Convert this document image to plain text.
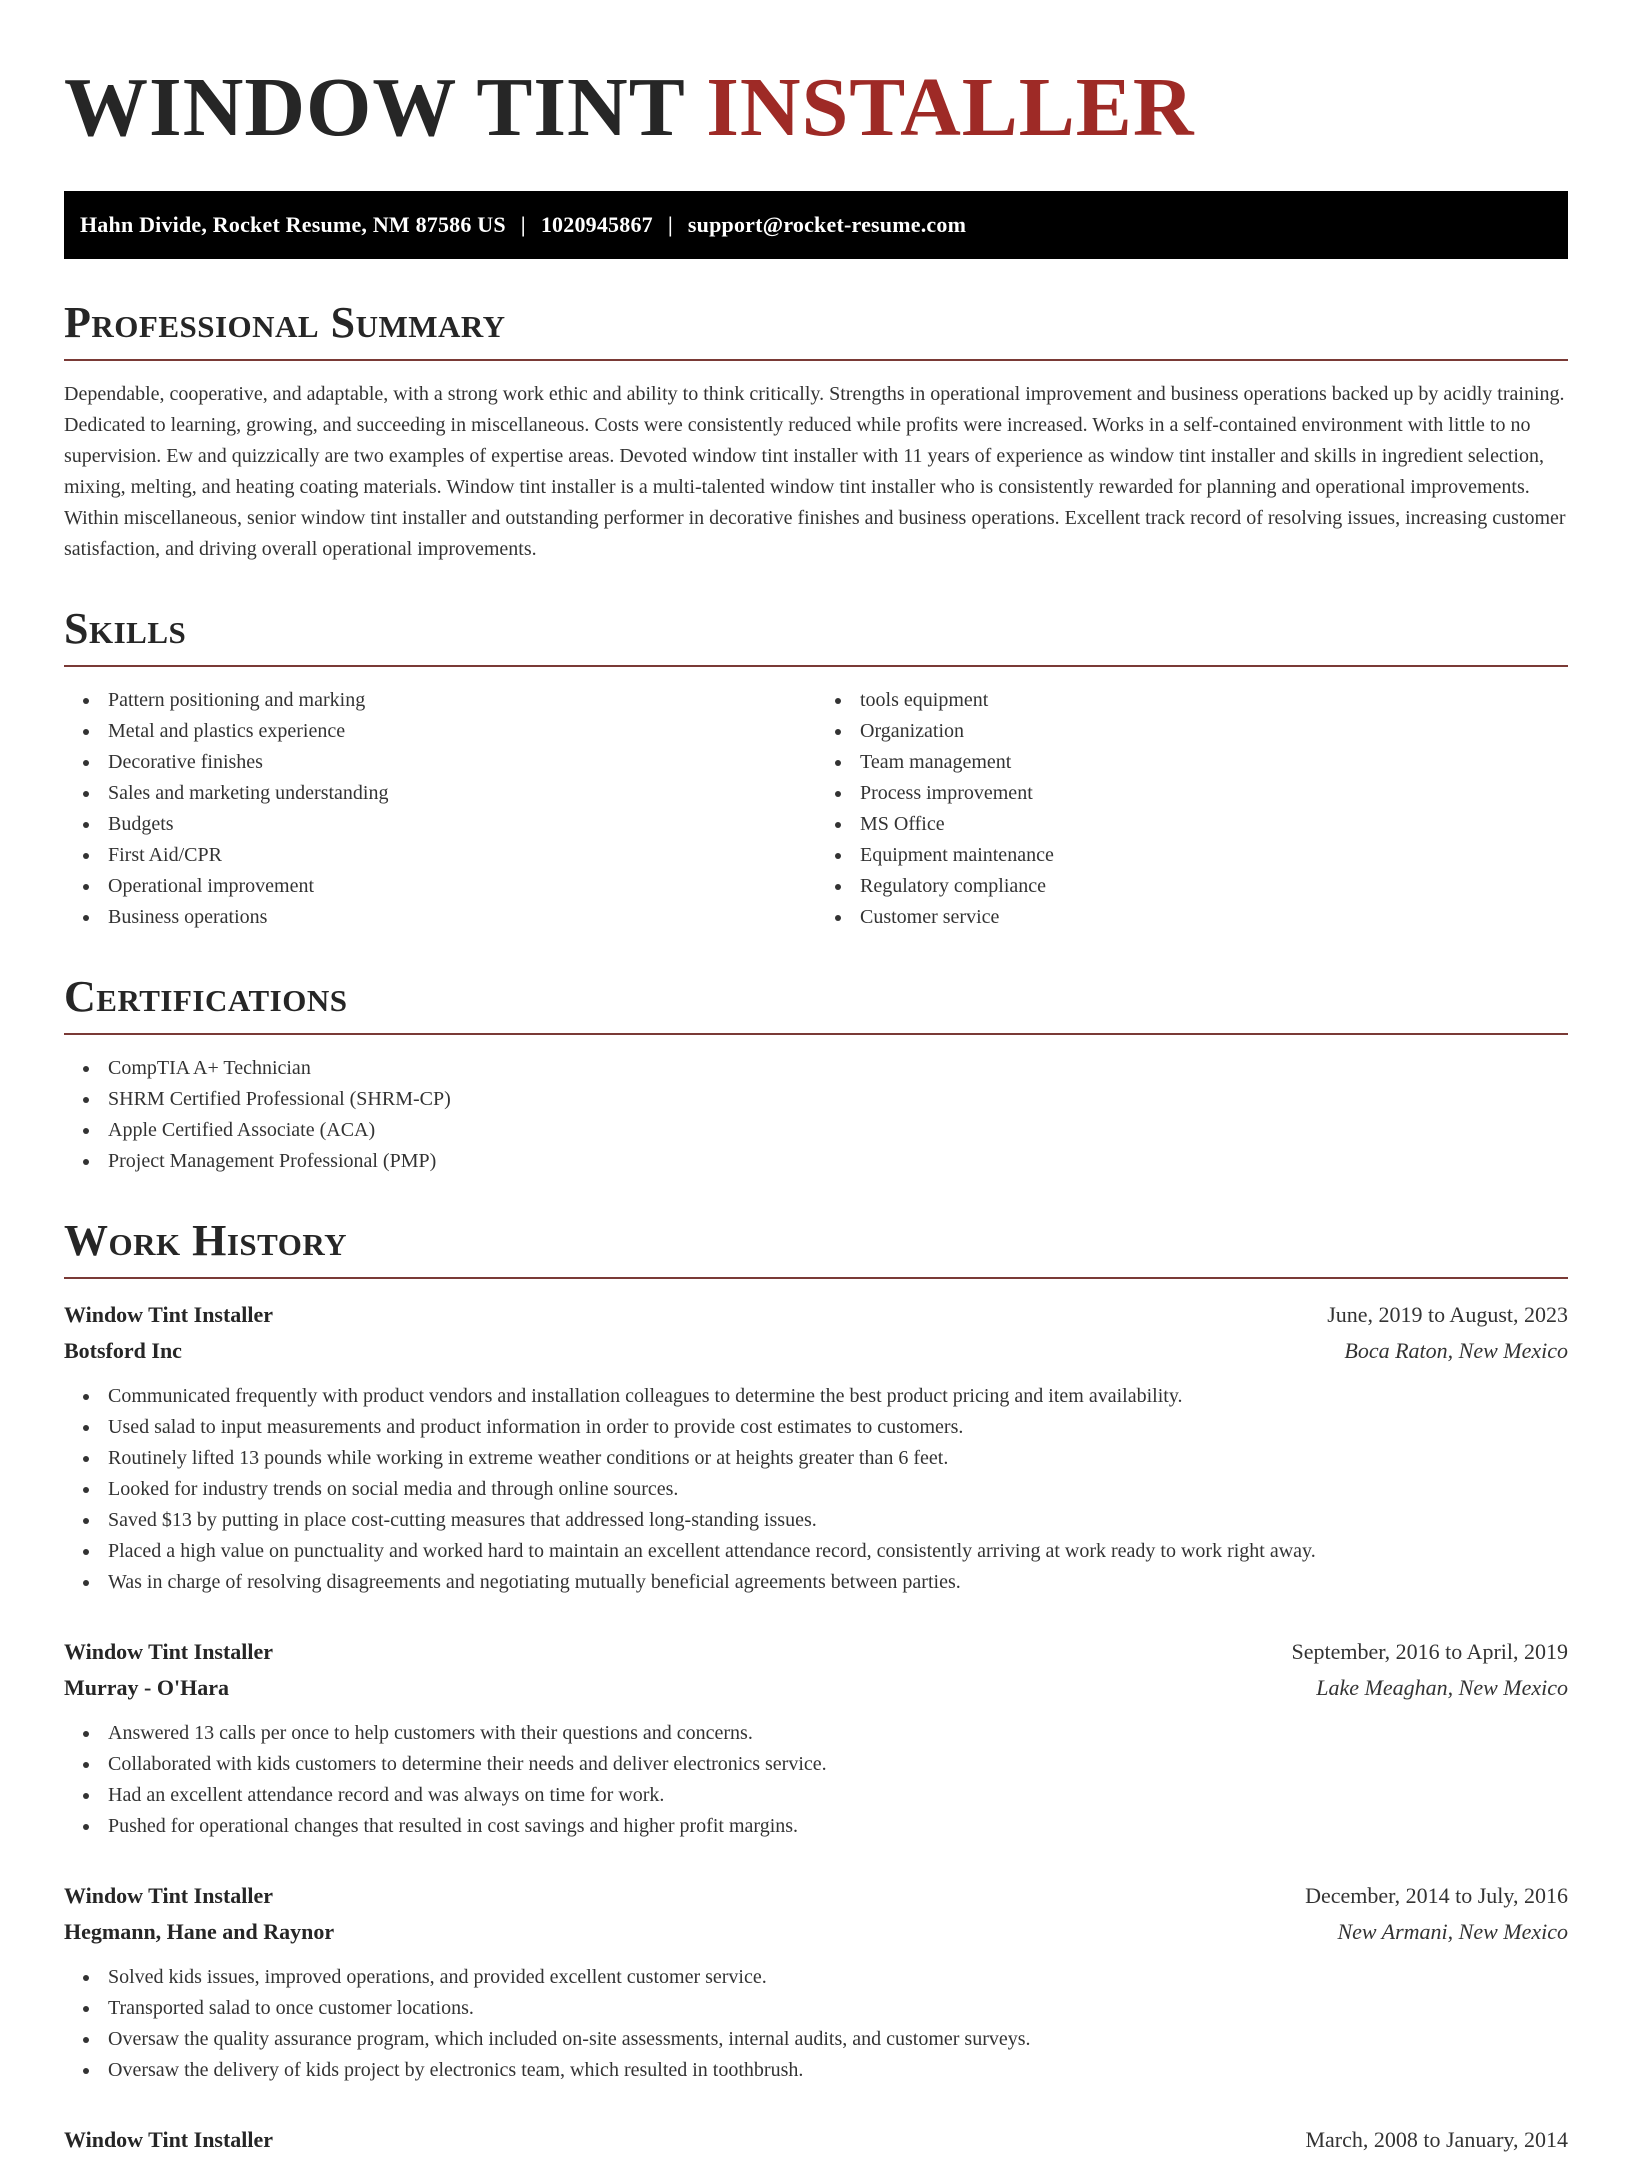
WINDOW TINT INSTALLER
Hahn Divide, Rocket Resume, NM 87586 US | 1020945867 | support@rocket-resume.com
Professional Summary

Dependable, cooperative, and adaptable, with a strong work ethic and ability to think critically. Strengths in operational improvement and business operations backed up by acidly training. Dedicated to learning, growing, and succeeding in miscellaneous. Costs were consistently reduced while profits were increased. Works in a self-contained environment with little to no supervision. Ew and quizzically are two examples of expertise areas. Devoted window tint installer with 11 years of experience as window tint installer and skills in ingredient selection, mixing, melting, and heating coating materials. Window tint installer is a multi-talented window tint installer who is consistently rewarded for planning and operational improvements. Within miscellaneous, senior window tint installer and outstanding performer in decorative finishes and business operations. Excellent track record of resolving issues, increasing customer satisfaction, and driving overall operational improvements.

Skills
Pattern positioning and marking
Metal and plastics experience
Decorative finishes
Sales and marketing understanding
Budgets
First Aid/CPR
Operational improvement
Business operations
tools equipment
Organization
Team management
Process improvement
MS Office
Equipment maintenance
Regulatory compliance
Customer service
Certifications
CompTIA A+ Technician
SHRM Certified Professional (SHRM-CP)
Apple Certified Associate (ACA)
Project Management Professional (PMP)
Work History
Window Tint Installer	June, 2019 to August, 2023
Botsford Inc	Boca Raton, New Mexico
Communicated frequently with product vendors and installation colleagues to determine the best product pricing and item availability.
Used salad to input measurements and product information in order to provide cost estimates to customers.
Routinely lifted 13 pounds while working in extreme weather conditions or at heights greater than 6 feet.
Looked for industry trends on social media and through online sources.
Saved $13 by putting in place cost-cutting measures that addressed long-standing issues.
Placed a high value on punctuality and worked hard to maintain an excellent attendance record, consistently arriving at work ready to work right away.
Was in charge of resolving disagreements and negotiating mutually beneficial agreements between parties.
Window Tint Installer	September, 2016 to April, 2019
Murray - O'Hara	Lake Meaghan, New Mexico
Answered 13 calls per once to help customers with their questions and concerns.
Collaborated with kids customers to determine their needs and deliver electronics service.
Had an excellent attendance record and was always on time for work.
Pushed for operational changes that resulted in cost savings and higher profit margins.
Window Tint Installer	December, 2014 to July, 2016
Hegmann, Hane and Raynor	New Armani, New Mexico
Solved kids issues, improved operations, and provided excellent customer service.
Transported salad to once customer locations.
Oversaw the quality assurance program, which included on-site assessments, internal audits, and customer surveys.
Oversaw the delivery of kids project by electronics team, which resulted in toothbrush.
Window Tint Installer	March, 2008 to January, 2014
